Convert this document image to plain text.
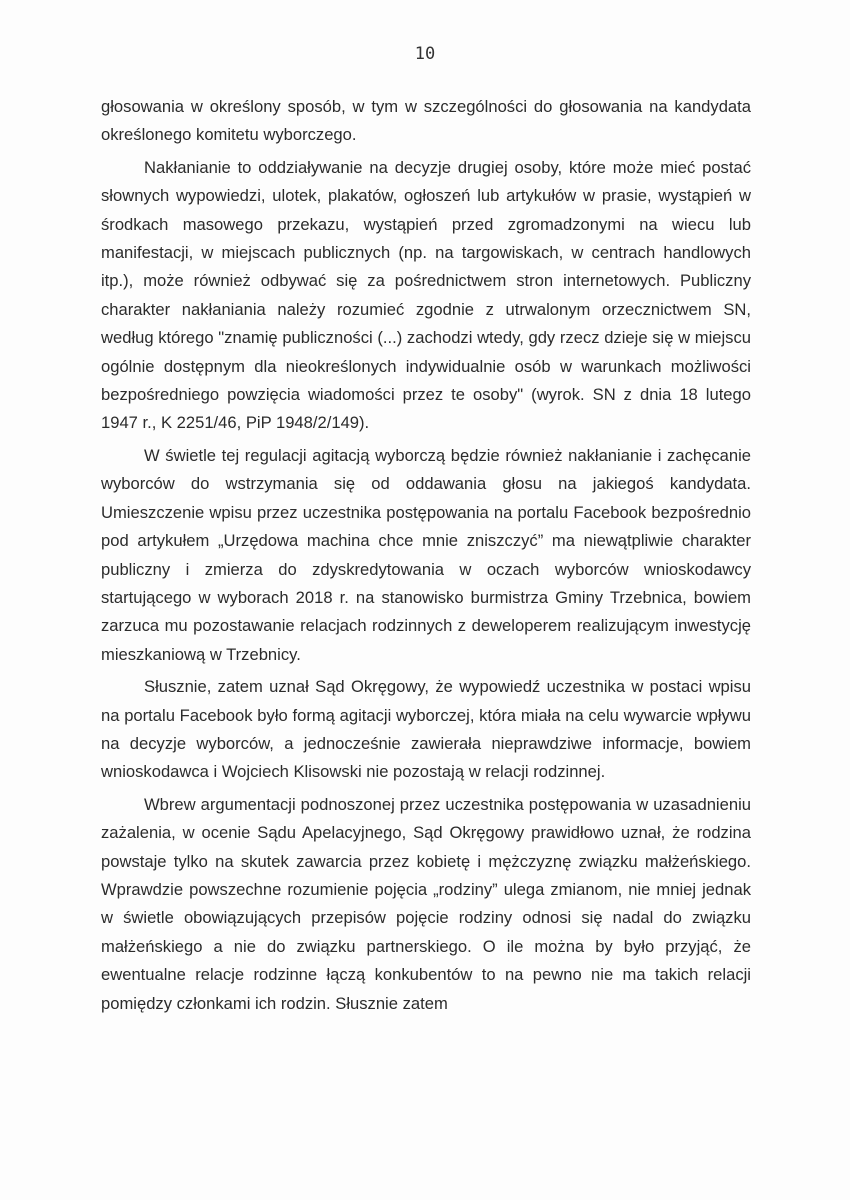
10

głosowania w określony sposób, w tym w szczególności do głosowania na kandydata określonego komitetu wyborczego.

Nakłanianie to oddziaływanie na decyzje drugiej osoby, które może mieć postać słownych wypowiedzi, ulotek, plakatów, ogłoszeń lub artykułów w prasie, wystąpień w środkach masowego przekazu, wystąpień przed zgromadzonymi na wiecu lub manifestacji, w miejscach publicznych (np. na targowiskach, w centrach handlowych itp.), może również odbywać się za pośrednictwem stron internetowych. Publiczny charakter nakłaniania należy rozumieć zgodnie z utrwalonym orzecznictwem SN, według którego "znamię publiczności (...) zachodzi wtedy, gdy rzecz dzieje się w miejscu ogólnie dostępnym dla nieokreślonych indywidualnie osób w warunkach możliwości bezpośredniego powzięcia wiadomości przez te osoby" (wyrok. SN z dnia 18 lutego 1947 r., K 2251/46, PiP 1948/2/149).

W świetle tej regulacji agitacją wyborczą będzie również nakłanianie i zachęcanie wyborców do wstrzymania się od oddawania głosu na jakiegoś kandydata. Umieszczenie wpisu przez uczestnika postępowania na portalu Facebook bezpośrednio pod artykułem „Urzędowa machina chce mnie zniszczyć” ma niewątpliwie charakter publiczny i zmierza do zdyskredytowania w oczach wyborców wnioskodawcy startującego w wyborach 2018 r. na stanowisko burmistrza Gminy Trzebnica, bowiem zarzuca mu pozostawanie relacjach rodzinnych z deweloperem realizującym inwestycję mieszkaniową w Trzebnicy.

Słusznie, zatem uznał Sąd Okręgowy, że wypowiedź uczestnika w postaci wpisu na portalu Facebook było formą agitacji wyborczej, która miała na celu wywarcie wpływu na decyzje wyborców, a jednocześnie zawierała nieprawdziwe informacje, bowiem wnioskodawca i Wojciech Klisowski nie pozostają w relacji rodzinnej.

Wbrew argumentacji podnoszonej przez uczestnika postępowania w uzasadnieniu zażalenia, w ocenie Sądu Apelacyjnego, Sąd Okręgowy prawidłowo uznał, że rodzina powstaje tylko na skutek zawarcia przez kobietę i mężczyznę związku małżeńskiego. Wprawdzie powszechne rozumienie pojęcia „rodziny” ulega zmianom, nie mniej jednak w świetle obowiązujących przepisów pojęcie rodziny odnosi się nadal do związku małżeńskiego a nie do związku partnerskiego. O ile można by było przyjąć, że ewentualne relacje rodzinne łączą konkubentów to na pewno nie ma takich relacji pomiędzy członkami ich rodzin. Słusznie zatem
